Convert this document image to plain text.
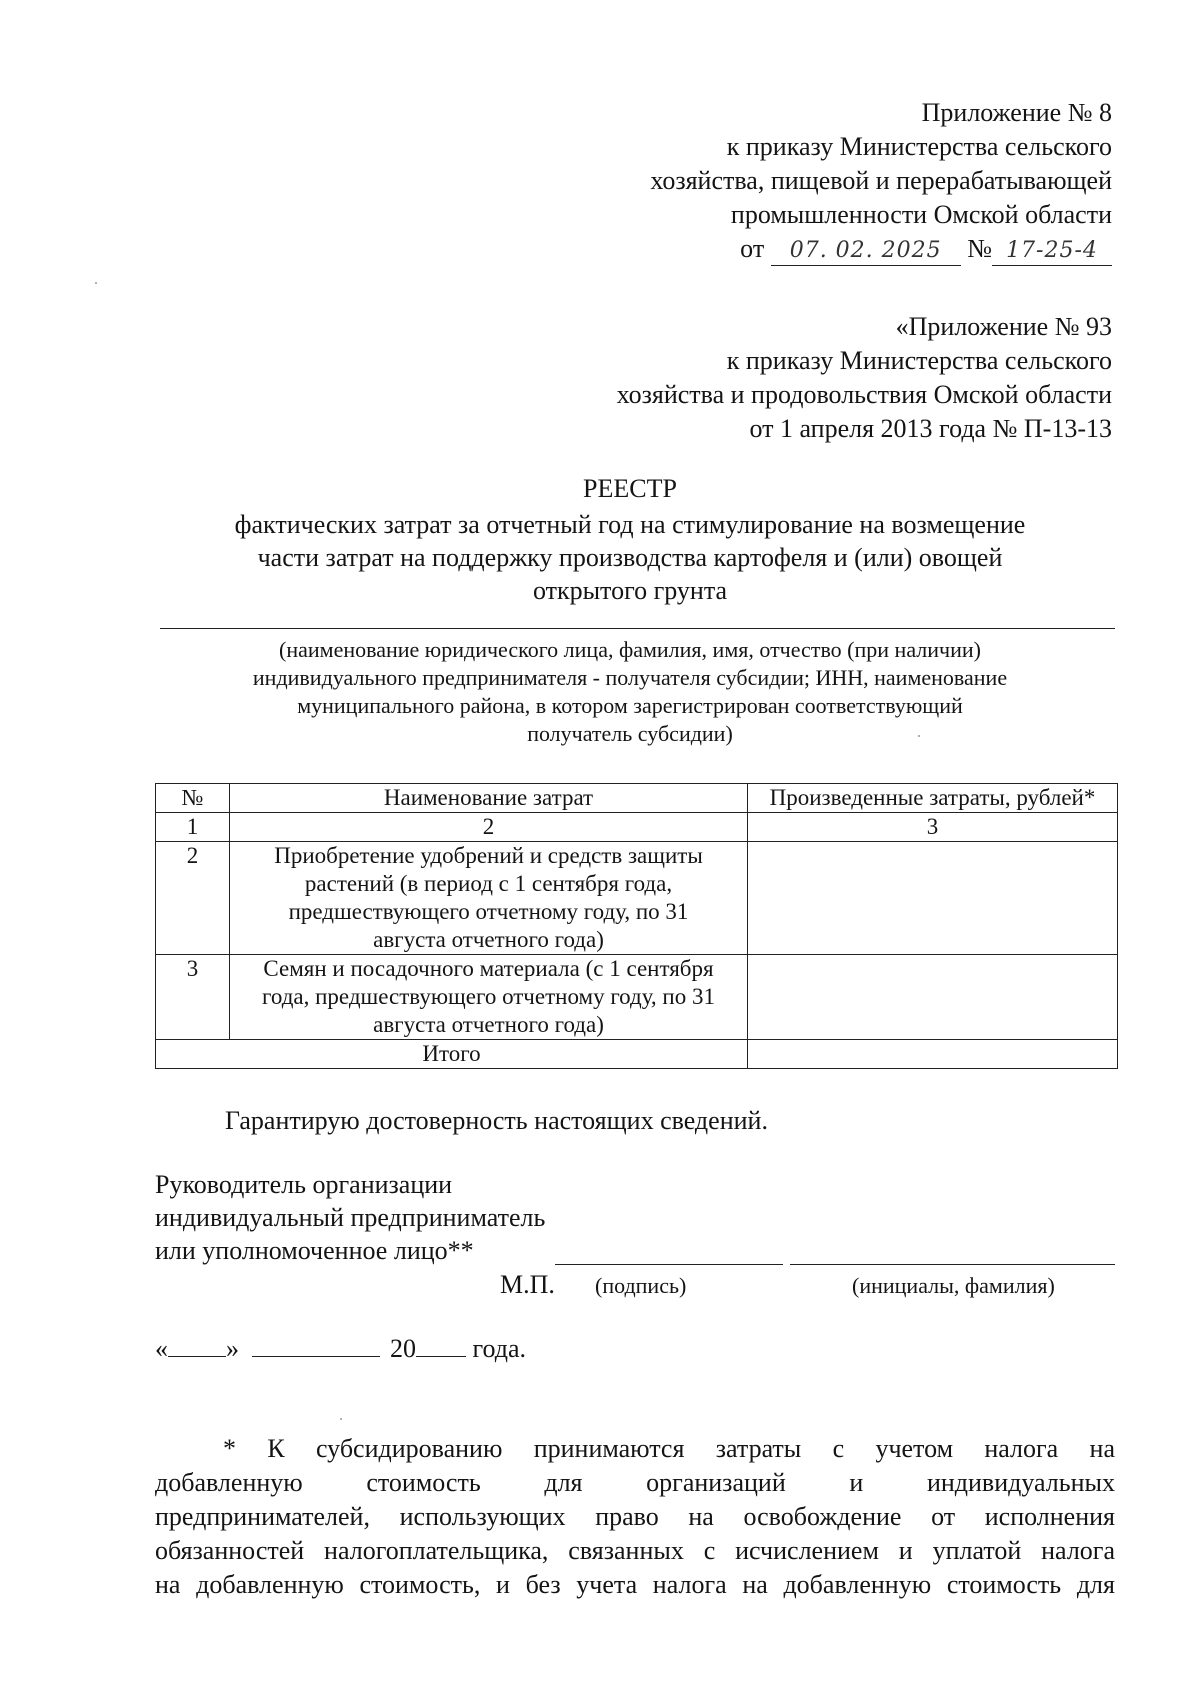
Приложение № 8
к приказу Министерства сельского
хозяйства, пищевой и перерабатывающей
промышленности Омской области
от 07. 02. 2025 № 17-25-4
«Приложение № 93
к приказу Министерства сельского
хозяйства и продовольствия Омской области
от 1 апреля 2013 года № П-13-13
РЕЕСТР
фактических затрат за отчетный год на стимулирование на возмещение
части затрат на поддержку производства картофеля и (или) овощей
открытого грунта
(наименование юридического лица, фамилия, имя, отчество (при наличии)
индивидуального предпринимателя - получателя субсидии; ИНН, наименование
муниципального района, в котором зарегистрирован соответствующий
получатель субсидии)
№	Наименование затрат	Произведенные затраты, рублей*
1	2	3
2	Приобретение удобрений и средств защиты
растений (в период с 1 сентября года,
предшествующего отчетному году, по 31
августа отчетного года)	

3	Семян и посадочного материала (с 1 сентября
года, предшествующего отчетному году, по 31
августа отчетного года)	

Итого		
Гарантирую достоверность настоящих сведений.
Руководитель организации
индивидуальный предприниматель
или уполномоченное лицо**
М.П. (подпись)	(инициалы, фамилия)
« »	20 года.
* К субсидированию принимаются затраты с учетом налога на
добавленную стоимость для организаций и индивидуальных
предпринимателей, использующих право на освобождение от исполнения
обязанностей налогоплательщика, связанных с исчислением и уплатой налога
на добавленную стоимость, и без учета налога на добавленную стоимость для
